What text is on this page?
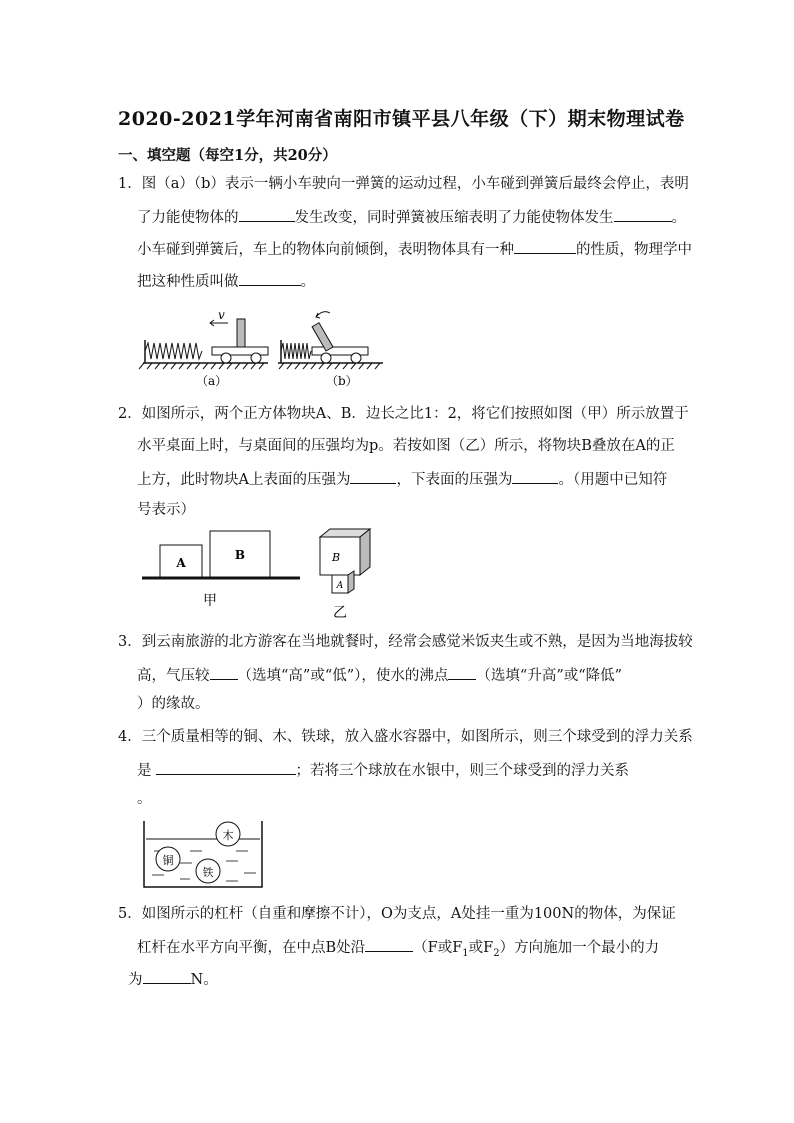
2020-2021学年河南省南阳市镇平县八年级（下）期末物理试卷
一、填空题（每空1分，共20分）
1．图（a）（b）表示一辆小车驶向一弹簧的运动过程，小车碰到弹簧后最终会停止，表明
了力能使物体的	发生改变，同时弹簧被压缩表明了力能使物体发生	。
小车碰到弹簧后，车上的物体向前倾倒，表明物体具有一种	的性质，物理学中
把这种性质叫做	。
v
（a）	（b）
2．如图所示，两个正方体物块A、B．边长之比1：2，将它们按照如图（甲）所示放置于
水平桌面上时，与桌面间的压强均为p。若按如图（乙）所示，将物块B叠放在A的正
上方，此时物块A上表面的压强为	，下表面的压强为	。（用题中已知符
号表示）
A
B
甲
B
A
乙
3．到云南旅游的北方游客在当地就餐时，经常会感觉米饭夹生或不熟，是因为当地海拔较
高，气压较 （选填“高”或“低”），使水的沸点 （选填“升高”或“降低”
）的缘故。
4．三个质量相等的铜、木、铁球，放入盛水容器中，如图所示，则三个球受到的浮力关系
是	；若将三个球放在水银中，则三个球受到的浮力关系
。
木
铜
铁
5．如图所示的杠杆（自重和摩擦不计），O为支点，A处挂一重为100N的物体，为保证
杠杆在水平方向平衡，在中点B处沿	（F或$F_1$或$F_2$）方向施加一个最小的力
为	N。
